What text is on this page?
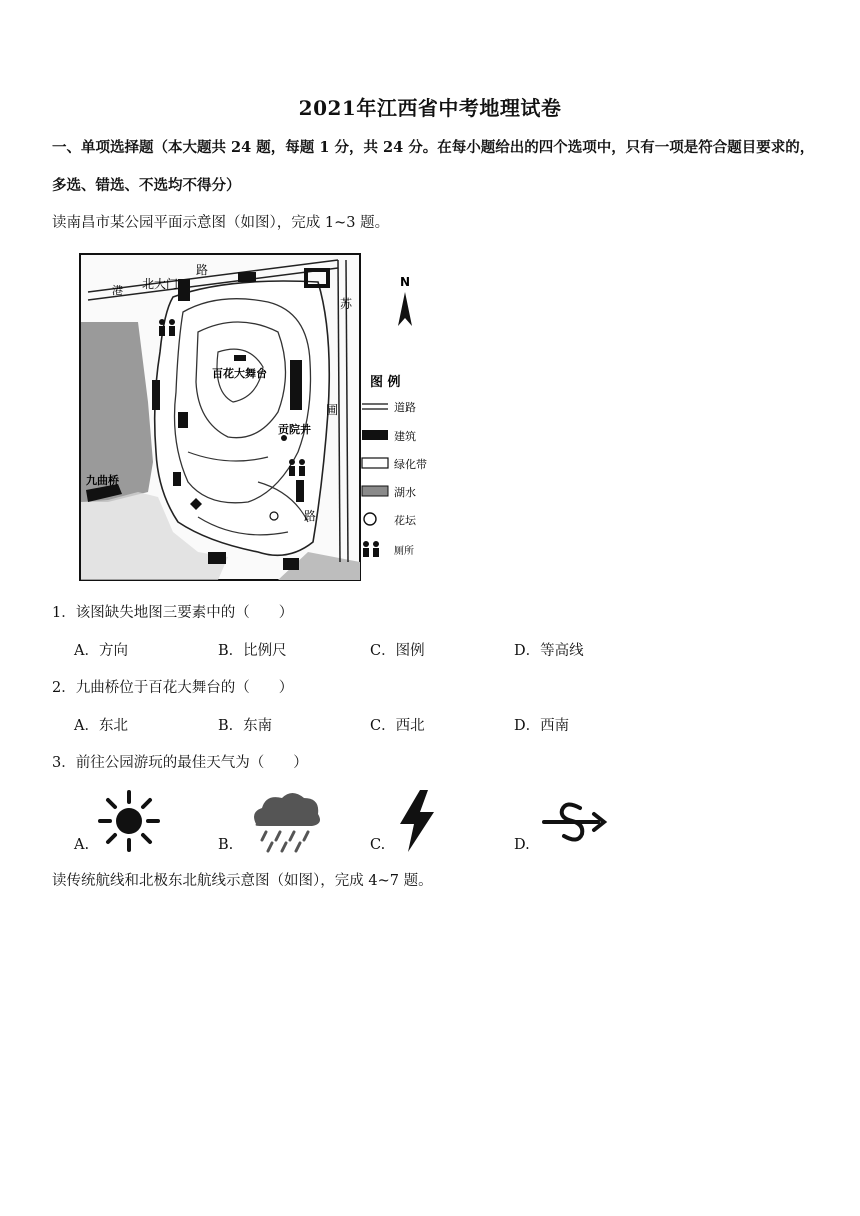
2021年江西省中考地理试卷
一、单项选择题（本大题共 24 题，每题 1 分，共 24 分。在每小题给出的四个选项中，只有一项是符合题目要求的，
多选、错选、不选均不得分）
读南昌市某公园平面示意图（如图），完成 1~3 题。
北大门
路
港
苏
圃
路
百花大舞台
贡院井
九曲桥
N
图 例
道路
建筑
绿化带
湖水
花坛
厕所
1．该图缺失地图三要素中的（　　）
A．方向	B．比例尺	C．图例	D．等高线
2．九曲桥位于百花大舞台的（　　）
A．东北	B．东南	C．西北	D．西南
3．前往公园游玩的最佳天气为（　　）
A.	B.	C.	D.
读传统航线和北极东北航线示意图（如图），完成 4~7 题。
